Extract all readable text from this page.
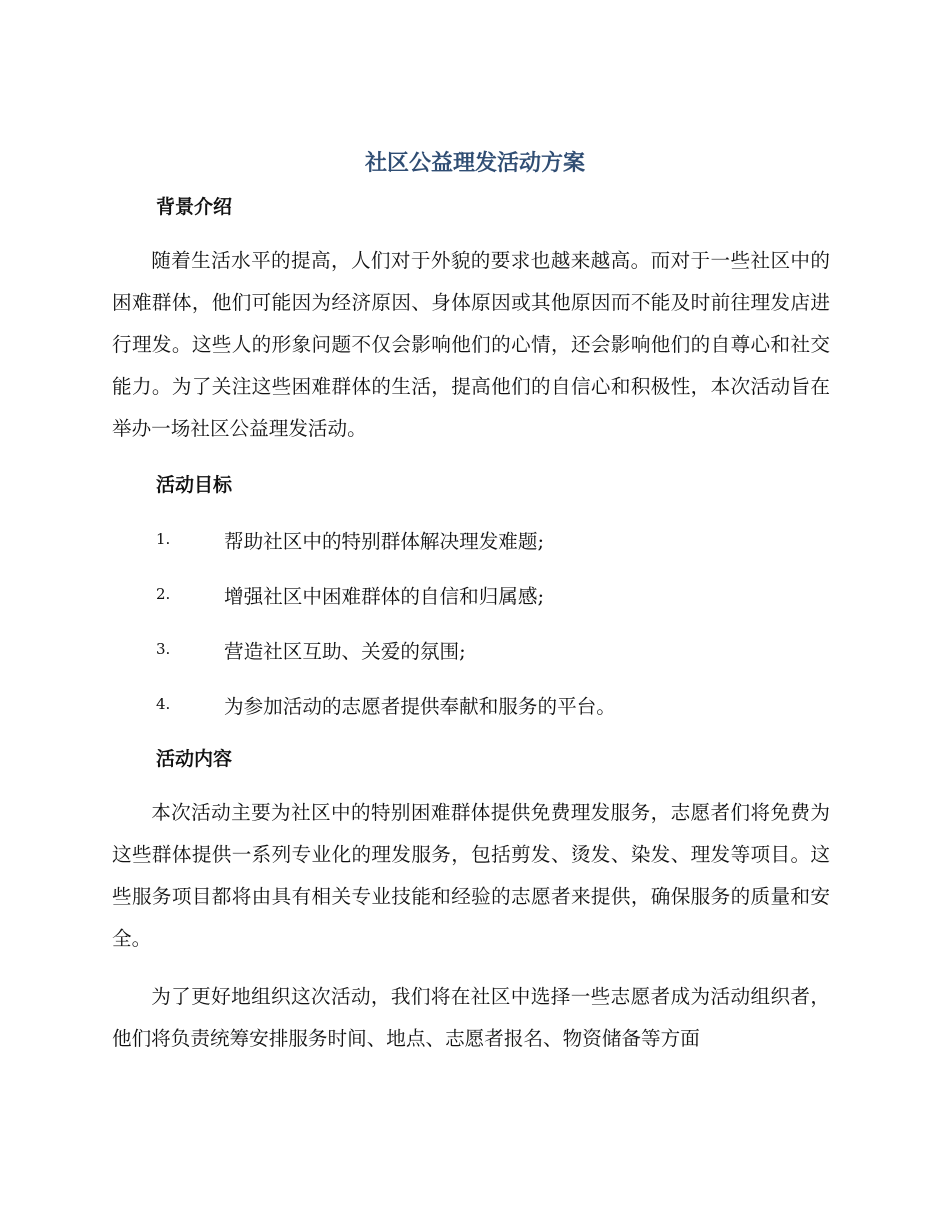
社区公益理发活动方案
背景介绍

随着生活水平的提高，人们对于外貌的要求也越来越高。而对于一些社区中的困难群体，他们可能因为经济原因、身体原因或其他原因而不能及时前往理发店进行理发。这些人的形象问题不仅会影响他们的心情，还会影响他们的自尊心和社交能力。为了关注这些困难群体的生活，提高他们的自信心和积极性，本次活动旨在举办一场社区公益理发活动。

活动目标
1.	帮助社区中的特别群体解决理发难题;
2.	增强社区中困难群体的自信和归属感;
3.	营造社区互助、关爱的氛围;
4.	为参加活动的志愿者提供奉献和服务的平台。
活动内容

本次活动主要为社区中的特别困难群体提供免费理发服务，志愿者们将免费为这些群体提供一系列专业化的理发服务，包括剪发、烫发、染发、理发等项目。这些服务项目都将由具有相关专业技能和经验的志愿者来提供，确保服务的质量和安全。

为了更好地组织这次活动，我们将在社区中选择一些志愿者成为活动组织者，他们将负责统筹安排服务时间、地点、志愿者报名、物资储备等方面
